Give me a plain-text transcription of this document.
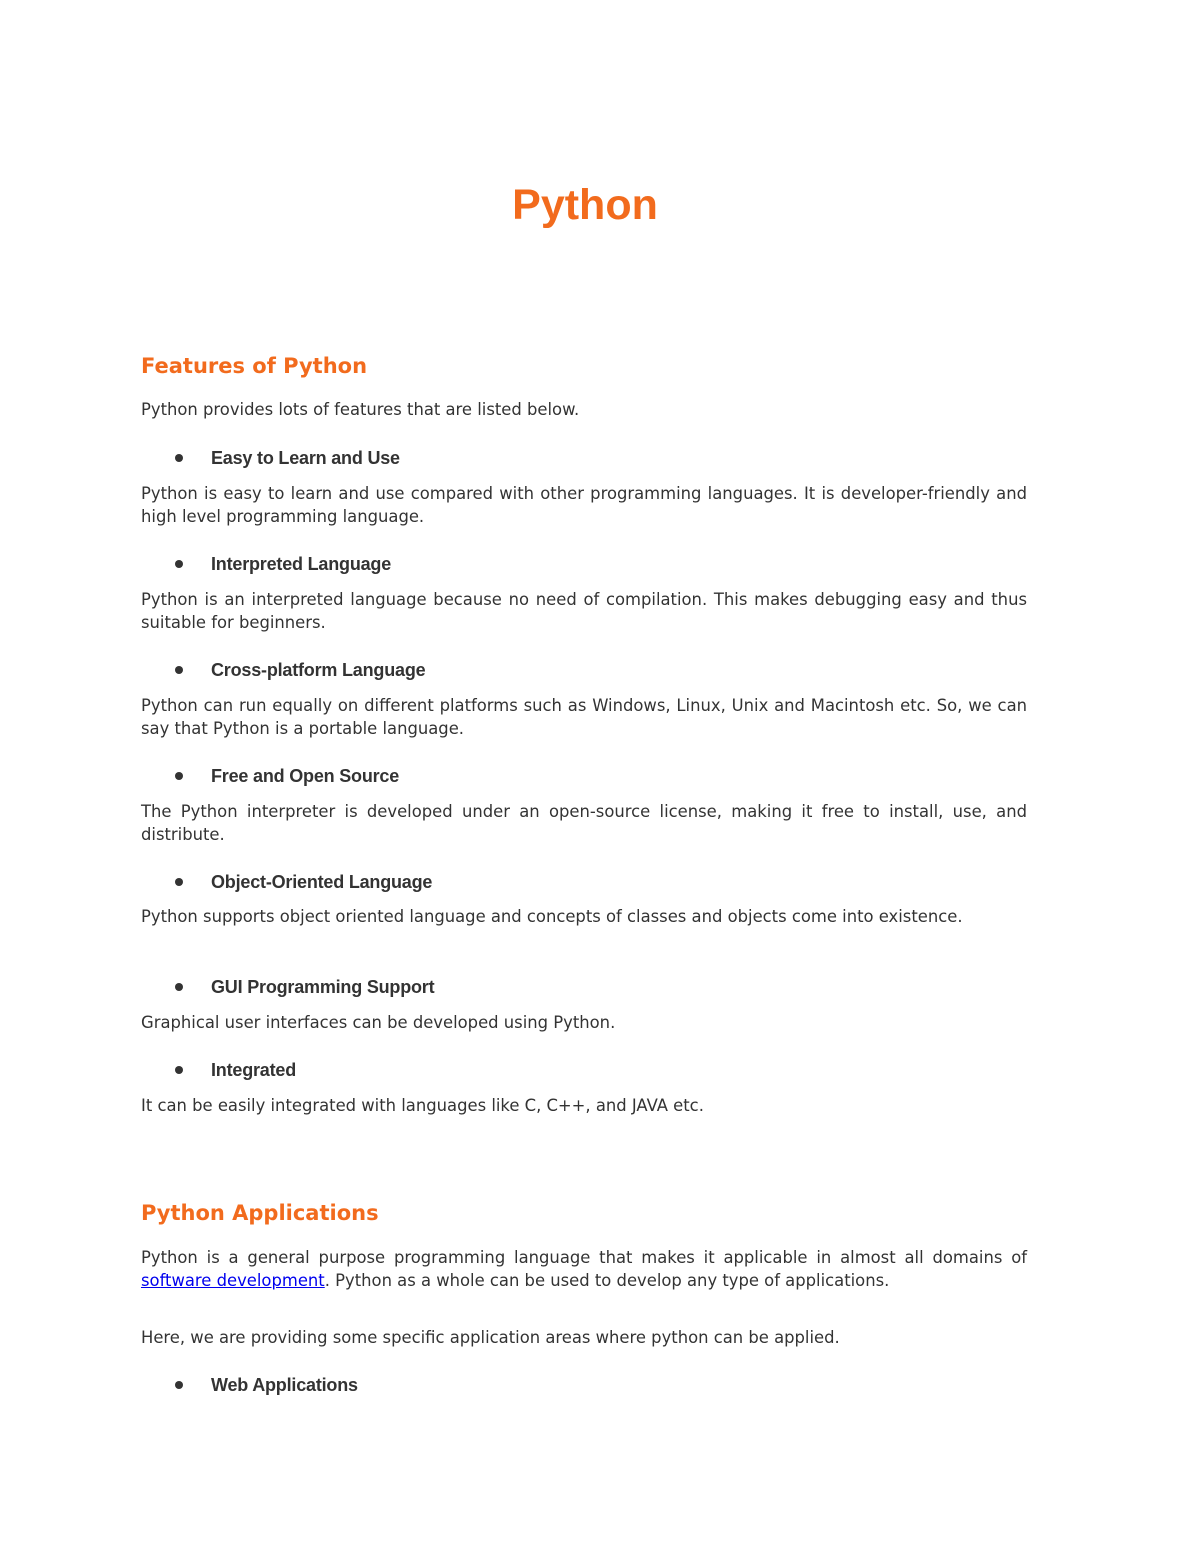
Python
Features of Python

Python provides lots of features that are listed below.

Easy to Learn and Use

Python is easy to learn and use compared with other programming languages. It is developer-friendly and high level programming language.

Interpreted Language

Python is an interpreted language because no need of compilation. This makes debugging easy and thus suitable for beginners.

Cross-platform Language

Python can run equally on different platforms such as Windows, Linux, Unix and Macintosh etc. So, we can say that Python is a portable language.

Free and Open Source

The Python interpreter is developed under an open-source license, making it free to install, use, and distribute.

Object-Oriented Language

Python supports object oriented language and concepts of classes and objects come into existence.

GUI Programming Support

Graphical user interfaces can be developed using Python.

Integrated

It can be easily integrated with languages like C, C++, and JAVA etc.

Python Applications

Python is a general purpose programming language that makes it applicable in almost all domains of software development. Python as a whole can be used to develop any type of applications.

Here, we are providing some specific application areas where python can be applied.

Web Applications
